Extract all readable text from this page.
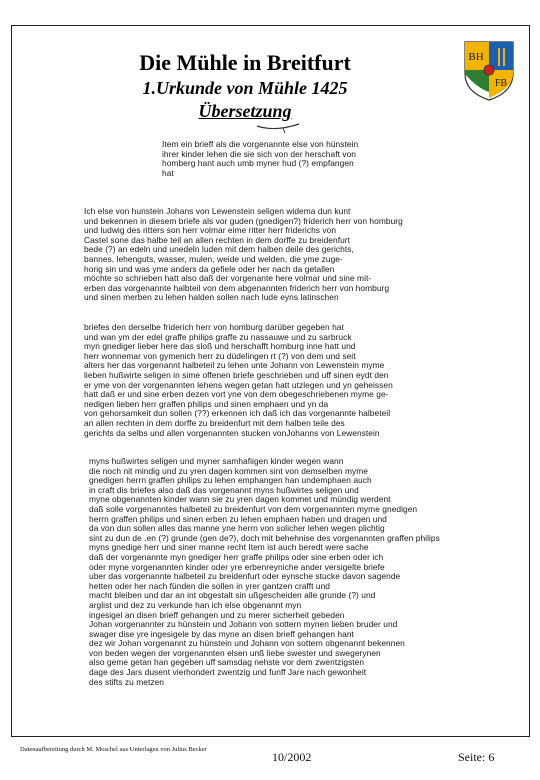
Die Mühle in Breitfurt
1.Urkunde von Mühle 1425
Übersetzung
BH
FB

Item ein brieff als die vorgenannte else von hünstein
ihrer kinder lehen die sie sich von der herschaft von
homberg hant auch umb myner hud (?) empfangen
hat

Ich else von hunstein Johans von Lewenstein seligen widema dun kunt
und bekennen in diesem briefe als vor guden (gnedigen?) friderich herr von homburg
und ludwig des ritters son herr volmar eime ritter herr friderichs von
Castel sone das halbe teil an allen rechten in dem dorffe zu breidenfurt
bede (?) an edeln und unedeln luden mit dem halben deile des gerichts,
bannes, lehenguts, wasser, mulen, weide und welden, die yme zuge-
horig sin und was yme anders da gefiele oder her nach da getallen
möchte so schrieben hatt also daß der vorgenante here volmar und sine mit-
erben das vorgenannte halbteil von dem abgenannten friderich herr von homburg
und sinen merben zu lehen halden sollen nach lude eyns latinschen

briefes den derselbe friderich herr von homburg darüber gegeben hat
und wan ym der edel graffe philips graffe zu nassauwe und zu sarbruck
myn gnediger lieber here das sloß und herschafft homburg inne hatt und
herr wonnemar von gymenich herr zu düdelingen rt (?) von dem und seit
alters her das vorgenannt halbeteil zu lehen unte Johann von Lewenstein myme
lieben hußwirte seligen in sime offenen briefe geschrieben und uff sinen eydt den
er yme von der vorgenannten lehens wegen getan hatt utzlegen und yn geheissen
hatt daß er und sine erben dezen vort yne von dem obegeschriebenen myme ge-
nedigen lieben herr graffen philips und sinen emphaen und yn da
von gehorsamkeit dun sollen (??) erkennen ich daß ich das vorgenannte halbeteil
an allen rechten in dem dorffe zu breidenfurt mit dem halben teile des
gerichts da selbs und allen vorgenannten stucken vonJohanns von Lewenstein

myns hußwirtes seligen und myner samhafiigen kinder wegen wann
die noch nit mindig und zu yren dagen kommen sint von demselben myme
gnedigen herrn graffen philips zu lehen emphangen han undemphaen auch
in craft dis briefes also daß das vorgenannt myns hußwirtes seligen und
myne obgenannten kinder wann sie zu yren dagen kommet und mündig werdent
daß solle vorgenanntes halbeteil zu breidenfurt von dem vorgenannten myme gnedigen
herrn graffen philips und sinen erben zu lehen emphaen haben und dragen und
da von dun sollen alles das manne yne herrn von solicher lehen wegen plichtig
sint zu dun de .en (?) grunde (gen de?), doch mit behehnise des vorgenannten graffen philips
myns gnedige herr und siner manne recht Item ist auch beredt were sache
daß der vorgenannte myn gnediger herr graffe philips oder sine erben oder ich
oder myne vorgenannten kinder oder yre erbenreyniche ander versigelte briefe
uber das vorgenannte halbeteil zu breidenfurt oder eynsche stucke davon sagende
hetten oder her nach fünden die sollen in yrer gantzen crafft und
macht bleiben und dar an int obgestalt sin ußgescheiden alle grunde (?) und
arglist und dez zu verkunde han ich else obgenannt myn
ingesigel an disen brieff gehangen und zu merer sicherheit gebeden
Johan vorgenannter zu hünstein und Johann von sottern mynen lieben bruder und
swager dise yre ingesigele by das myne an disen brieff gehangen hant
dez wir Johan vorgenannt zu hünstein und Johann von sottern obgenannt bekennen
von beden wegen der vorgenannten elsen unß liebe swester und swegerynen
also geme getan han gegeben uff samsdag nehste vor dem zwentzigsten
dage des Jars dusent vierhondert zwentzig und funff Jare nach gewonheit
des stifts zu metzen

Datenaufbereitung durch M. Moschel aus Unterlagen von Julius Becker
10/2002	Seite: 6
